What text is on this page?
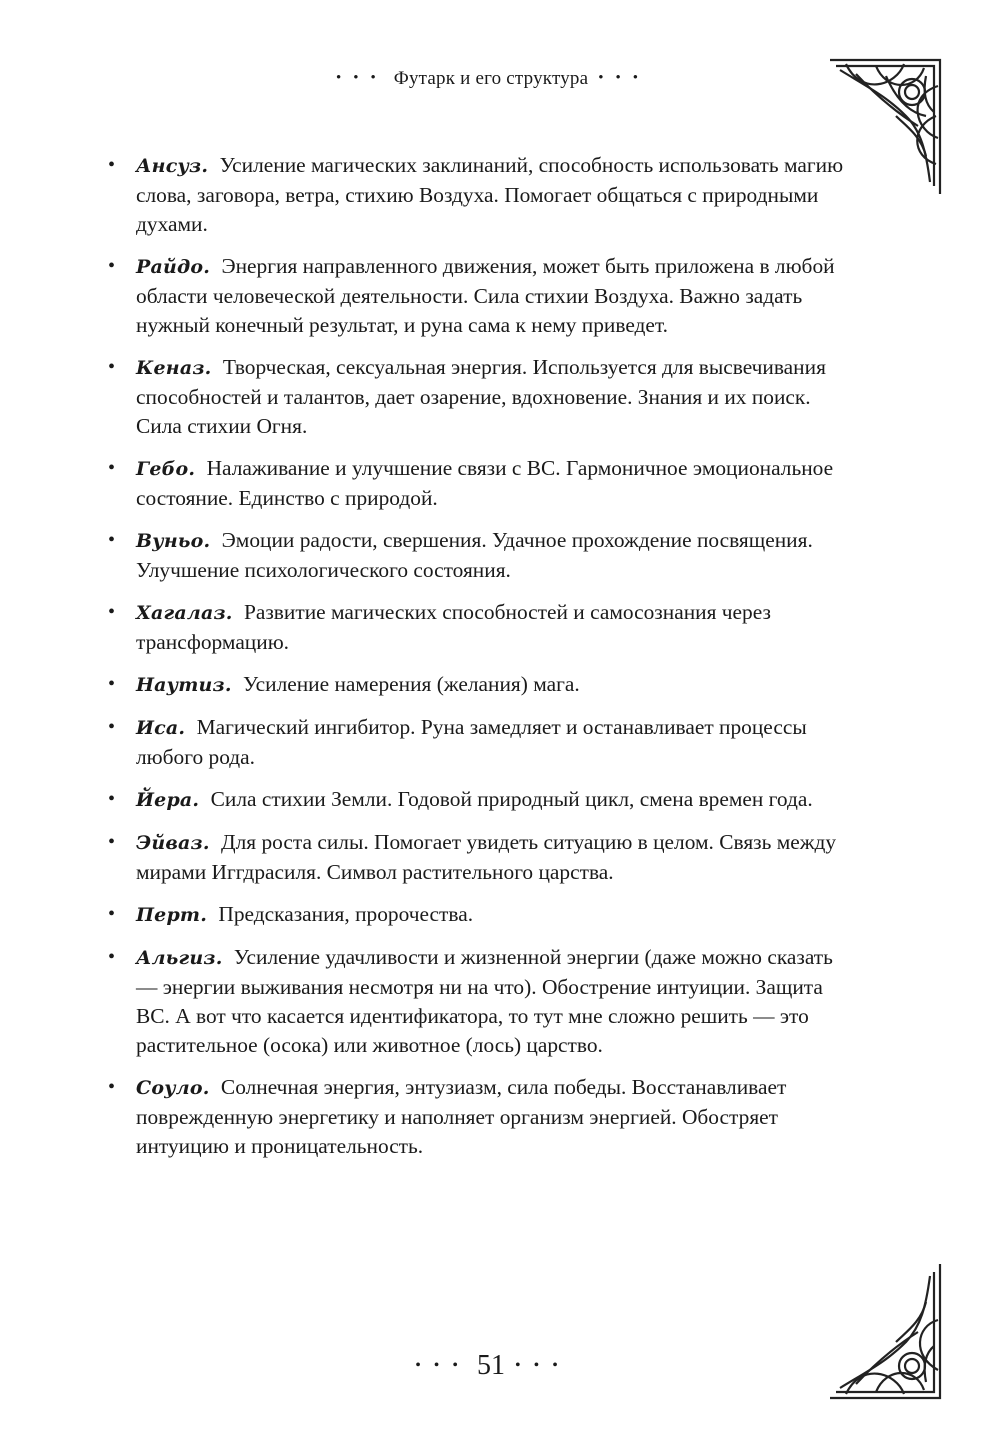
••• Футарк и его структура •••
• Ансуз. Усиление магических заклинаний, способность использовать магию слова, заговора, ветра, стихию Воздуха. Помогает общаться с природными духами.
• Райдо. Энергия направленного движения, может быть приложена в любой области человеческой деятельности. Сила стихии Воздуха. Важно задать нужный конечный результат, и руна сама к нему приведет.
• Кеназ. Творческая, сексуальная энергия. Используется для высвечивания способностей и талантов, дает озарение, вдохновение. Знания и их поиск. Сила стихии Огня.
• Гебо. Налаживание и улучшение связи с ВС. Гармоничное эмоциональное состояние. Единство с природой.
• Вуньо. Эмоции радости, свершения. Удачное прохождение посвящения. Улучшение психологического состояния.
• Хагалаз. Развитие магических способностей и самосознания через трансформацию.
• Наутиз. Усиление намерения (желания) мага.
• Иса. Магический ингибитор. Руна замедляет и останавливает процессы любого рода.
• Йера. Сила стихии Земли. Годовой природный цикл, смена времен года.
• Эйваз. Для роста силы. Помогает увидеть ситуацию в целом. Связь между мирами Иггдрасиля. Символ растительного царства.
• Перт. Предсказания, пророчества.
• Альгиз. Усиление удачливости и жизненной энергии (даже можно сказать — энергии выживания несмотря ни на что). Обострение интуиции. Защита ВС. А вот что касается идентификатора, то тут мне сложно решить — это растительное (осока) или животное (лось) царство.
• Соуло. Солнечная энергия, энтузиазм, сила победы. Восстанавливает поврежденную энергетику и наполняет организм энергией. Обостряет интуицию и проницательность.
••• 51 •••
